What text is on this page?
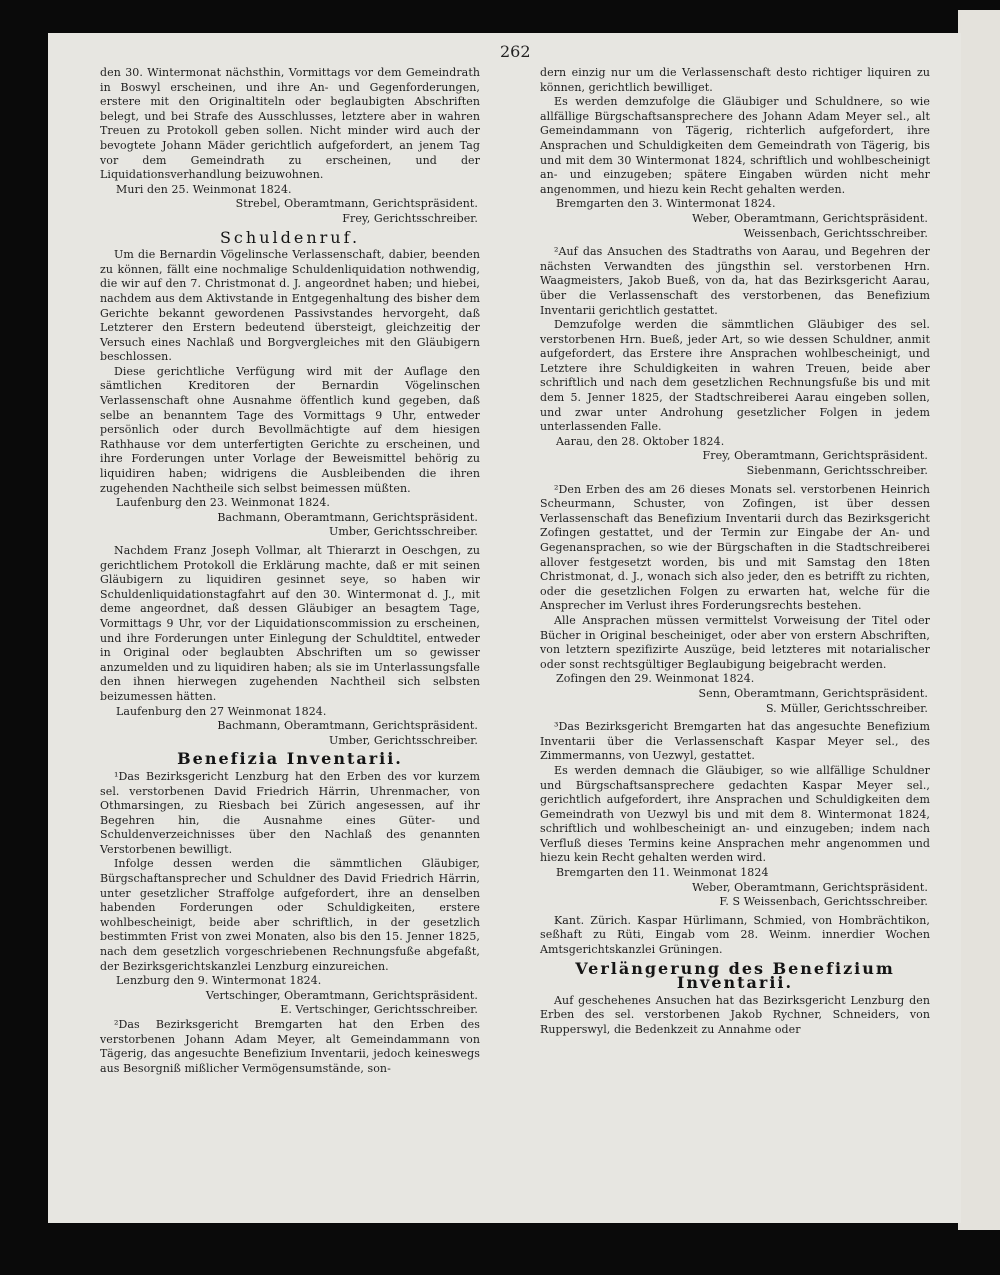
262

den 30. Wintermonat nächsthin, Vormittags vor dem Gemeindrath in Boswyl erscheinen, und ihre An- und Gegenforderungen, erstere mit den Originaltiteln oder beglaubigten Abschriften belegt, und bei Strafe des Ausschlusses, letztere aber in wahren Treuen zu Protokoll geben sollen. Nicht minder wird auch der bevogtete Johann Mäder gerichtlich aufgefordert, an jenem Tag vor dem Gemeindrath zu erscheinen, und der Liquidationsverhandlung beizuwohnen.

Muri den 25. Weinmonat 1824.

Strebel, Oberamtmann, Gerichtspräsident.

Frey, Gerichtsschreiber.

Schuldenruf.

Um die Bernardin Vögelinsche Verlassenschaft, dabier, beenden zu können, fällt eine nochmalige Schuldenliquidation nothwendig, die wir auf den 7. Christmonat d. J. angeordnet haben; und hiebei, nachdem aus dem Aktivstande in Entgegenhaltung des bisher dem Gerichte bekannt gewordenen Passivstandes hervorgeht, daß Letzterer den Erstern bedeutend übersteigt, gleichzeitig der Versuch eines Nachlaß und Borgvergleiches mit den Gläubigern beschlossen.

Diese gerichtliche Verfügung wird mit der Auflage den sämtlichen Kreditoren der Bernardin Vögelinschen Verlassenschaft ohne Ausnahme öffentlich kund gegeben, daß selbe an benanntem Tage des Vormittags 9 Uhr, entweder persönlich oder durch Bevollmächtigte auf dem hiesigen Rathhause vor dem unterfertigten Gerichte zu erscheinen, und ihre Forderungen unter Vorlage der Beweismittel behörig zu liquidiren haben; widrigens die Ausbleibenden die ihren zugehenden Nachtheile sich selbst beimessen müßten.

Laufenburg den 23. Weinmonat 1824.

Bachmann, Oberamtmann, Gerichtspräsident.

Umber, Gerichtsschreiber.

Nachdem Franz Joseph Vollmar, alt Thierarzt in Oeschgen, zu gerichtlichem Protokoll die Erklärung machte, daß er mit seinen Gläubigern zu liquidiren gesinnet seye, so haben wir Schuldenliquidationstagfahrt auf den 30. Wintermonat d. J., mit deme angeordnet, daß dessen Gläubiger an besagtem Tage, Vormittags 9 Uhr, vor der Liquidationscommission zu erscheinen, und ihre Forderungen unter Einlegung der Schuldtitel, entweder in Original oder beglaubten Abschriften um so gewisser anzumelden und zu liquidiren haben; als sie im Unterlassungsfalle den ihnen hierwegen zugehenden Nachtheil sich selbsten beizumessen hätten.

Laufenburg den 27 Weinmonat 1824.

Bachmann, Oberamtmann, Gerichtspräsident.

Umber, Gerichtsschreiber.

Benefizia Inventarii.

¹Das Bezirksgericht Lenzburg hat den Erben des vor kurzem sel. verstorbenen David Friedrich Härrin, Uhrenmacher, von Othmarsingen, zu Riesbach bei Zürich angesessen, auf ihr Begehren hin, die Ausnahme eines Güter- und Schuldenverzeichnisses über den Nachlaß des genannten Verstorbenen bewilligt.

Infolge dessen werden die sämmtlichen Gläubiger, Bürgschaftansprecher und Schuldner des David Friedrich Härrin, unter gesetzlicher Straffolge aufgefordert, ihre an denselben habenden Forderungen oder Schuldigkeiten, erstere wohlbescheinigt, beide aber schriftlich, in der gesetzlich bestimmten Frist von zwei Monaten, also bis den 15. Jenner 1825, nach dem gesetzlich vorgeschriebenen Rechnungsfuße abgefaßt, der Bezirksgerichtskanzlei Lenzburg einzureichen.

Lenzburg den 9. Wintermonat 1824.

Vertschinger, Oberamtmann, Gerichtspräsident.

E. Vertschinger, Gerichtsschreiber.

²Das Bezirksgericht Bremgarten hat den Erben des verstorbenen Johann Adam Meyer, alt Gemeindammann von Tägerig, das angesuchte Benefizium Inventarii, jedoch keineswegs aus Besorgniß mißlicher Vermögensumstände, son-

dern einzig nur um die Verlassenschaft desto richtiger liquiren zu können, gerichtlich bewilliget.

Es werden demzufolge die Gläubiger und Schuldnere, so wie allfällige Bürgschaftsansprechere des Johann Adam Meyer sel., alt Gemeindammann von Tägerig, richterlich aufgefordert, ihre Ansprachen und Schuldigkeiten dem Gemeindrath von Tägerig, bis und mit dem 30 Wintermonat 1824, schriftlich und wohlbescheinigt an- und einzugeben; spätere Eingaben würden nicht mehr angenommen, und hiezu kein Recht gehalten werden.

Bremgarten den 3. Wintermonat 1824.

Weber, Oberamtmann, Gerichtspräsident.

Weissenbach, Gerichtsschreiber.

²Auf das Ansuchen des Stadtraths von Aarau, und Begehren der nächsten Verwandten des jüngsthin sel. verstorbenen Hrn. Waagmeisters, Jakob Bueß, von da, hat das Bezirksgericht Aarau, über die Verlassenschaft des verstorbenen, das Benefizium Inventarii gerichtlich gestattet.

Demzufolge werden die sämmtlichen Gläubiger des sel. verstorbenen Hrn. Bueß, jeder Art, so wie dessen Schuldner, anmit aufgefordert, das Erstere ihre Ansprachen wohlbescheinigt, und Letztere ihre Schuldigkeiten in wahren Treuen, beide aber schriftlich und nach dem gesetzlichen Rechnungsfuße bis und mit dem 5. Jenner 1825, der Stadtschreiberei Aarau eingeben sollen, und zwar unter Androhung gesetzlicher Folgen in jedem unterlassenden Falle.

Aarau, den 28. Oktober 1824.

Frey, Oberamtmann, Gerichtspräsident.

Siebenmann, Gerichtsschreiber.

²Den Erben des am 26 dieses Monats sel. verstorbenen Heinrich Scheurmann, Schuster, von Zofingen, ist über dessen Verlassenschaft das Benefizium Inventarii durch das Bezirksgericht Zofingen gestattet, und der Termin zur Eingabe der An- und Gegenansprachen, so wie der Bürgschaften in die Stadtschreiberei allover festgesetzt worden, bis und mit Samstag den 18ten Christmonat, d. J., wonach sich also jeder, den es betrifft zu richten, oder die gesetzlichen Folgen zu erwarten hat, welche für die Ansprecher im Verlust ihres Forderungsrechts bestehen.

Alle Ansprachen müssen vermittelst Vorweisung der Titel oder Bücher in Original bescheiniget, oder aber von erstern Abschriften, von letztern spezifizirte Auszüge, beid letzteres mit notarialischer oder sonst rechtsgültiger Beglaubigung beigebracht werden.

Zofingen den 29. Weinmonat 1824.

Senn, Oberamtmann, Gerichtspräsident.

S. Müller, Gerichtsschreiber.

³Das Bezirksgericht Bremgarten hat das angesuchte Benefizium Inventarii über die Verlassenschaft Kaspar Meyer sel., des Zimmermanns, von Uezwyl, gestattet.

Es werden demnach die Gläubiger, so wie allfällige Schuldner und Bürgschaftsansprechere gedachten Kaspar Meyer sel., gerichtlich aufgefordert, ihre Ansprachen und Schuldigkeiten dem Gemeindrath von Uezwyl bis und mit dem 8. Wintermonat 1824, schriftlich und wohlbescheinigt an- und einzugeben; indem nach Verfluß dieses Termins keine Ansprachen mehr angenommen und hiezu kein Recht gehalten werden wird.

Bremgarten den 11. Weinmonat 1824

Weber, Oberamtmann, Gerichtspräsident.

F. S Weissenbach, Gerichtsschreiber.

Kant. Zürich. Kaspar Hürlimann, Schmied, von Hombrächtikon, seßhaft zu Rüti, Eingab vom 28. Weinm. innerdier Wochen Amtsgerichtskanzlei Grüningen.

Verlängerung des Benefizium Inventarii.

Auf geschehenes Ansuchen hat das Bezirksgericht Lenzburg den Erben des sel. verstorbenen Jakob Rychner, Schneiders, von Rupperswyl, die Bedenkzeit zu Annahme oder
